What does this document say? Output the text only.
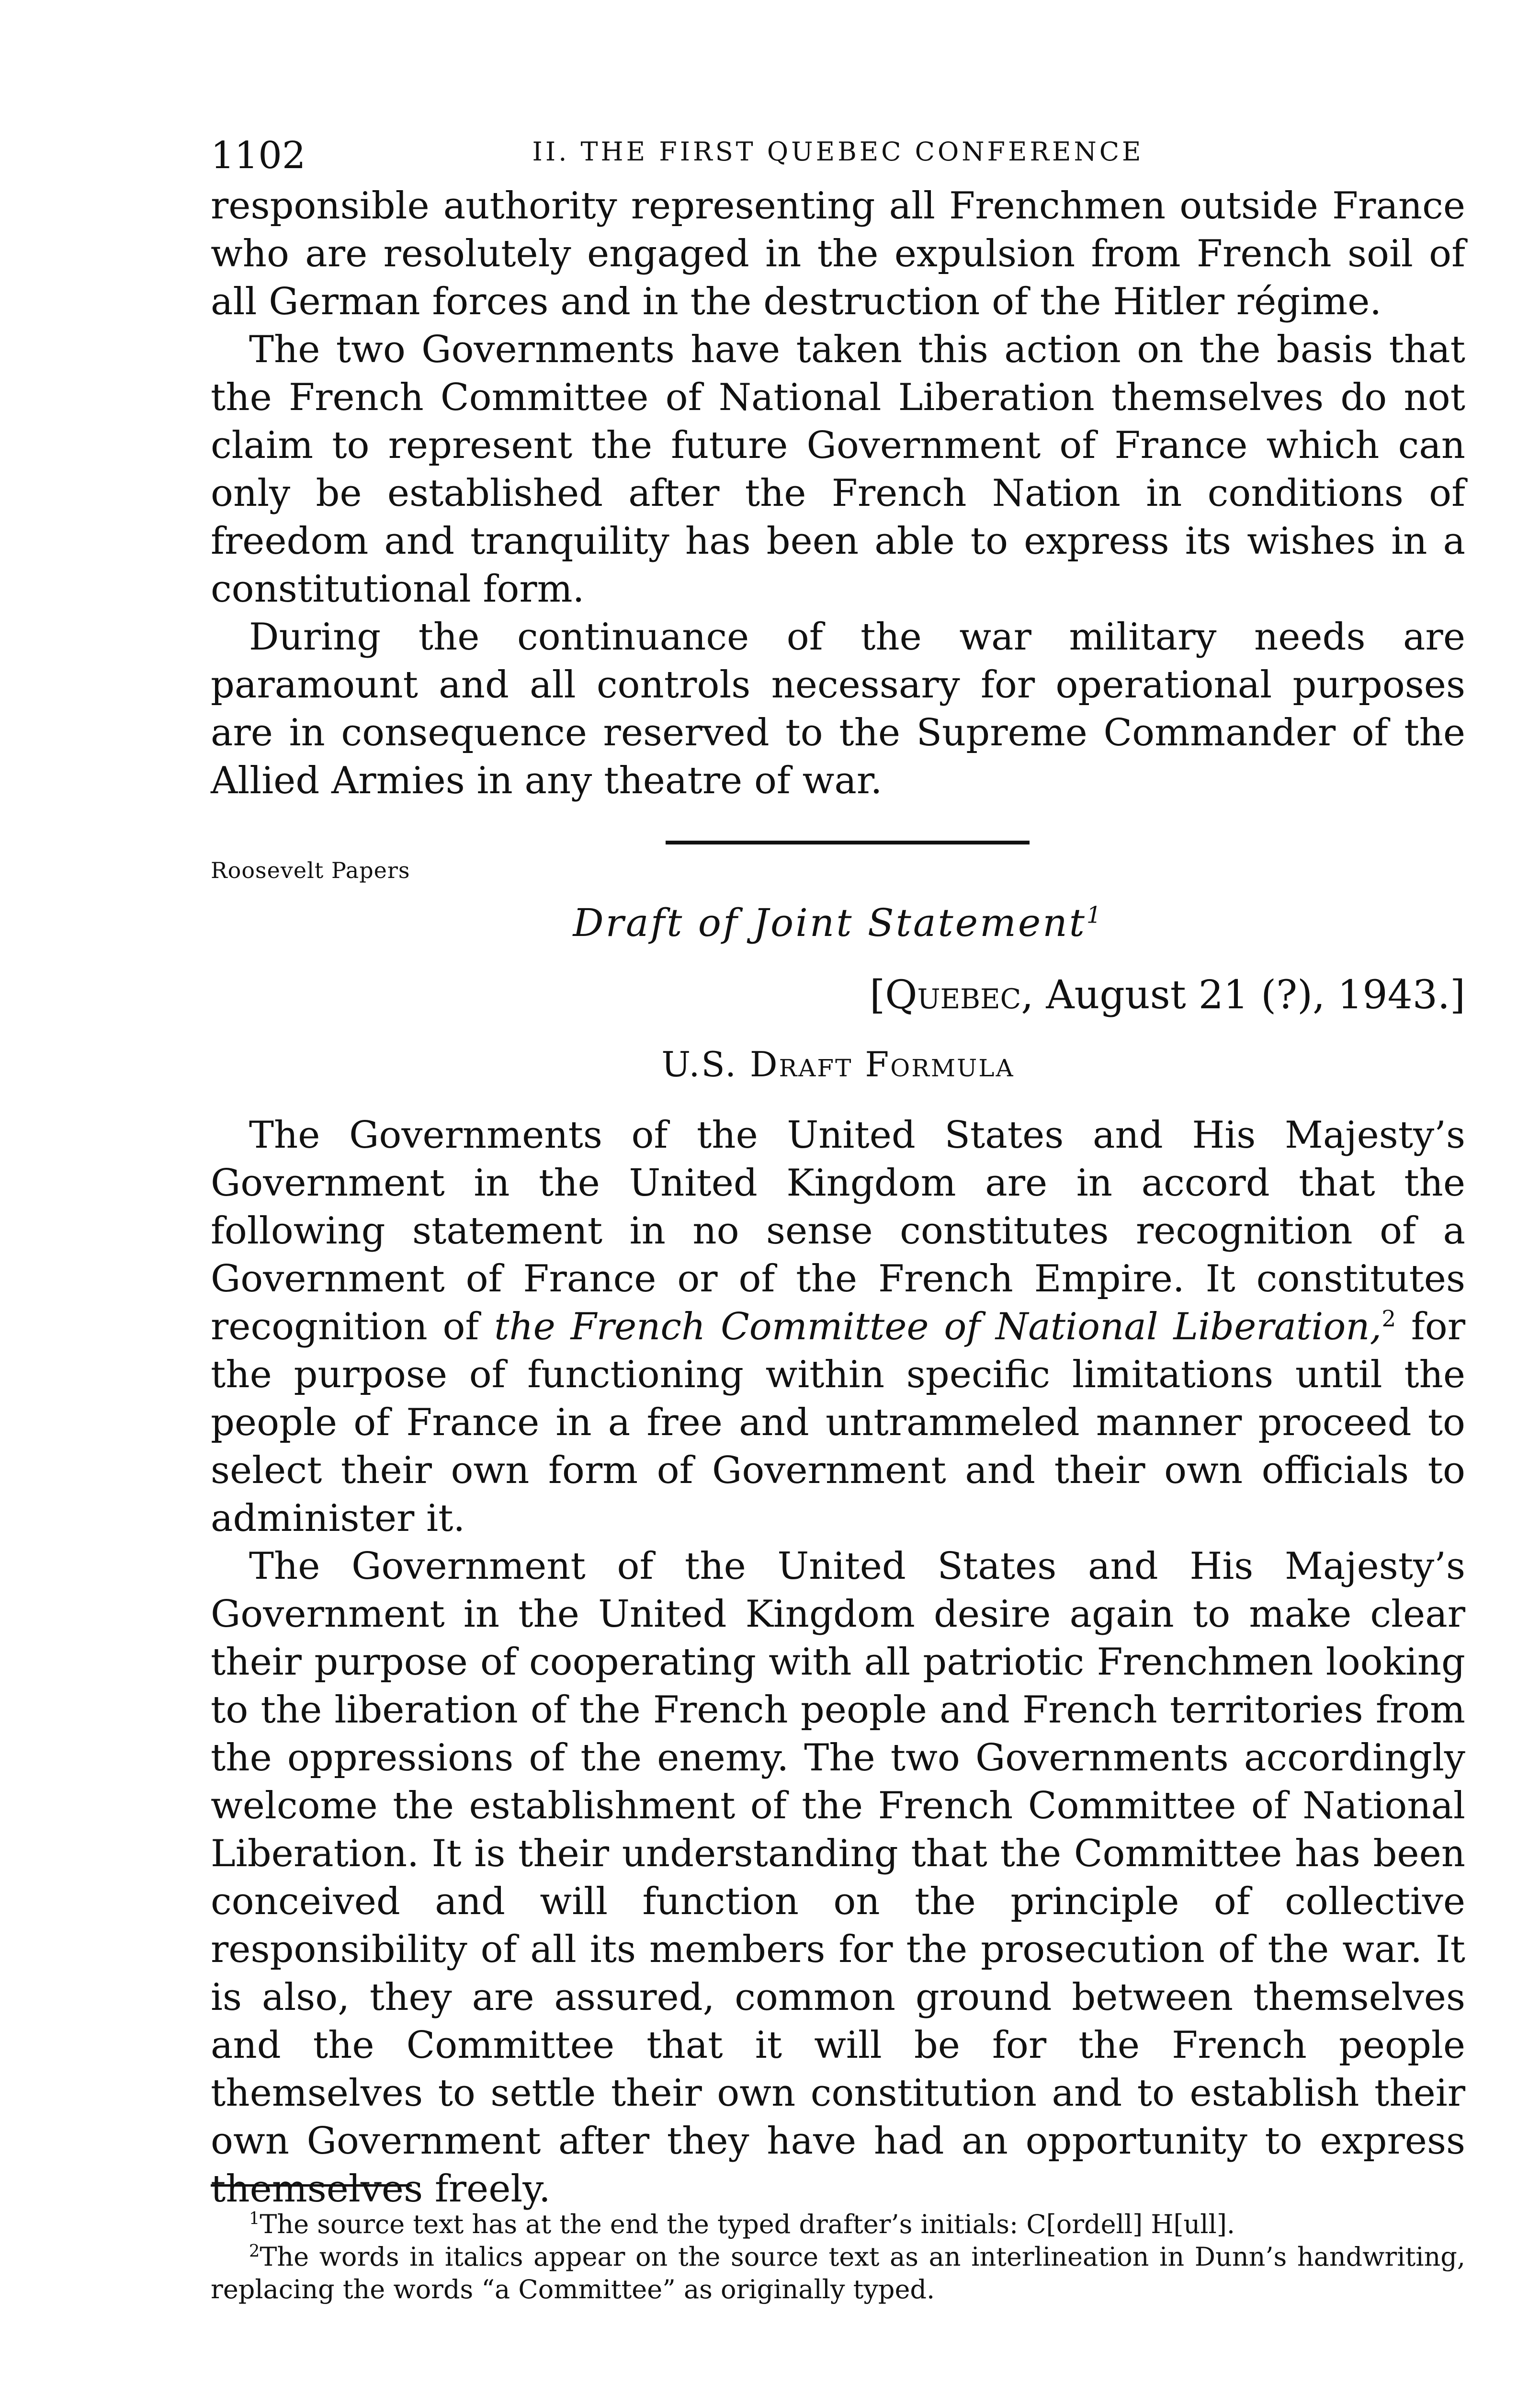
1102	II. THE FIRST QUEBEC CONFERENCE

responsible authority representing all Frenchmen outside France who are resolutely engaged in the expulsion from French soil of all German forces and in the destruction of the Hitler régime.

The two Governments have taken this action on the basis that the French Committee of National Liberation themselves do not claim to represent the future Government of France which can only be established after the French Nation in conditions of freedom and tranquility has been able to express its wishes in a constitutional form.

During the continuance of the war military needs are paramount and all controls necessary for operational purposes are in consequence reserved to the Supreme Commander of the Allied Armies in any theatre of war.

Roosevelt Papers
Draft of Joint Statement$^1$
[Quebec, August 21 (?), 1943.]
U.S. Draft Formula

The Governments of the United States and His Majesty’s Government in the United Kingdom are in accord that the following statement in no sense constitutes recognition of a Government of France or of the French Empire. It constitutes recognition of the French Committee of National Liberation,$^2$ for the purpose of functioning within specific limitations until the people of France in a free and untrammeled manner proceed to select their own form of Government and their own officials to administer it.

The Government of the United States and His Majesty’s Government in the United Kingdom desire again to make clear their purpose of cooperating with all patriotic Frenchmen looking to the liberation of the French people and French territories from the oppressions of the enemy. The two Governments accordingly welcome the establishment of the French Committee of National Liberation. It is their understanding that the Committee has been conceived and will function on the principle of collective responsibility of all its members for the prosecution of the war. It is also, they are assured, common ground between themselves and the Committee that it will be for the French people themselves to settle their own constitution and to establish their own Government after they have had an opportunity to express themselves freely.

$^1$The source text has at the end the typed drafter’s initials: C[ordell] H[ull].

$^2$The words in italics appear on the source text as an interlineation in Dunn’s handwriting, replacing the words “a Committee” as originally typed.
